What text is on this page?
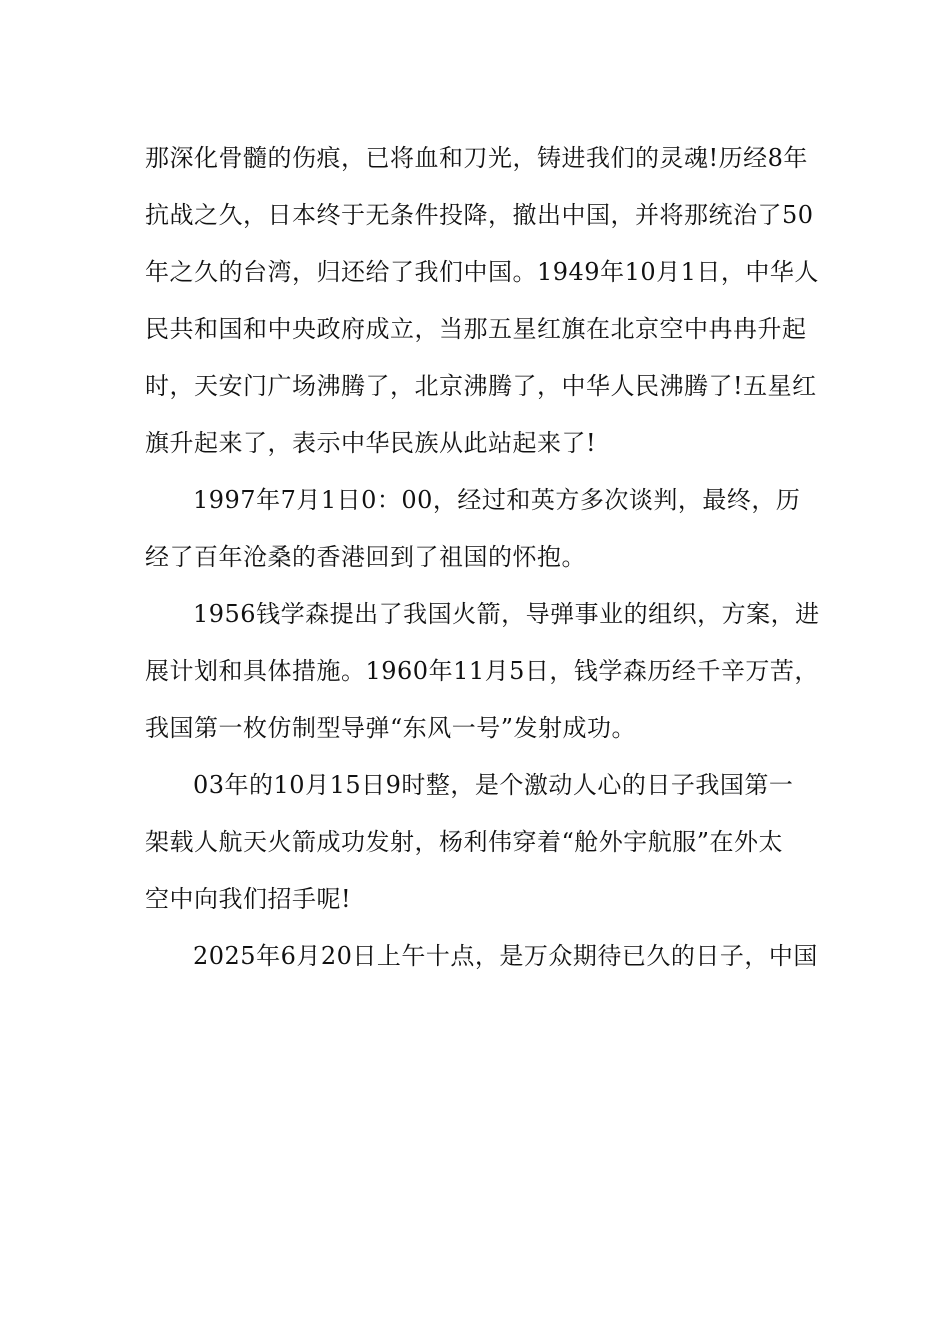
那深化骨髓的伤痕，已将血和刀光，铸进我们的灵魂!历经8年
抗战之久，日本终于无条件投降，撤出中国，并将那统治了50
年之久的台湾，归还给了我们中国。1949年10月1日，中华人
民共和国和中央政府成立，当那五星红旗在北京空中冉冉升起
时，天安门广场沸腾了，北京沸腾了，中华人民沸腾了!五星红
旗升起来了，表示中华民族从此站起来了!

1997年7月1日0：00，经过和英方多次谈判，最终，历
经了百年沧桑的香港回到了祖国的怀抱。

1956钱学森提出了我国火箭，导弹事业的组织，方案，进
展计划和具体措施。1960年11月5日，钱学森历经千辛万苦，
我国第一枚仿制型导弹“东风一号”发射成功。

03年的10月15日9时整，是个激动人心的日子我国第一
架载人航天火箭成功发射，杨利伟穿着“舱外宇航服”在外太
空中向我们招手呢!

2025年6月20日上午十点，是万众期待已久的日子，中国
